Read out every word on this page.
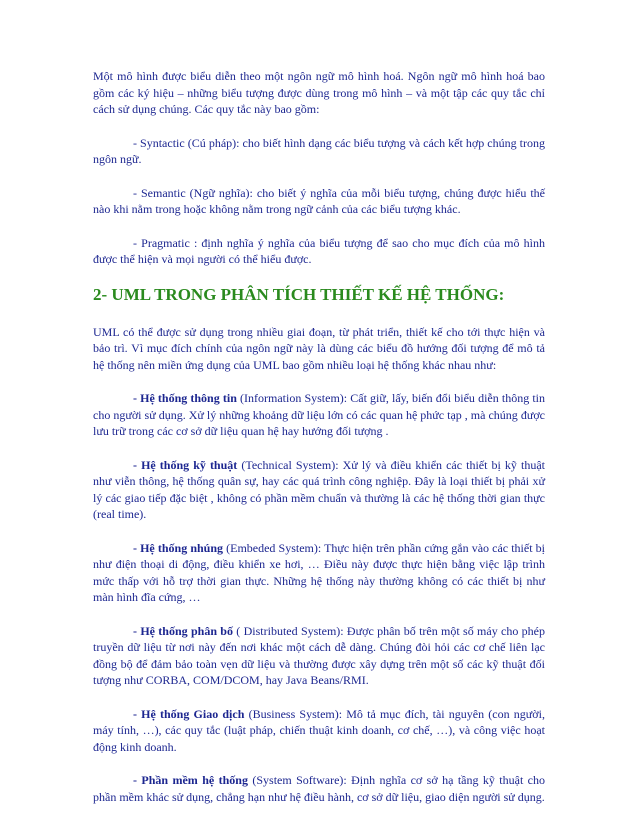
Một mô hình được biểu diễn theo một ngôn ngữ mô hình hoá. Ngôn ngữ mô hình hoá bao gồm các ký hiệu – những biểu tượng được dùng trong mô hình – và một tập các quy tắc chỉ cách sử dụng chúng. Các quy tắc này bao gồm:

- Syntactic (Cú pháp): cho biết hình dạng các biểu tượng và cách kết hợp chúng trong ngôn ngữ.

- Semantic (Ngữ nghĩa): cho biết ý nghĩa của mỗi biểu tượng, chúng được hiểu thế nào khi nằm trong hoặc không nằm trong ngữ cảnh của các biểu tượng khác.

- Pragmatic : định nghĩa ý nghĩa của biểu tượng để sao cho mục đích của mô hình được thể hiện và mọi người có thể hiểu được.

2- UML TRONG PHÂN TÍCH THIẾT KẾ HỆ THỐNG:

UML có thể được sử dụng trong nhiều giai đoạn, từ phát triển, thiết kế cho tới thực hiện và bảo trì. Vì mục đích chính của ngôn ngữ này là dùng các biểu đồ hướng đối tượng để mô tả hệ thống nên miền ứng dụng của UML bao gồm nhiều loại hệ thống khác nhau như:

- Hệ thống thông tin (Information System): Cất giữ, lấy, biến đổi biểu diễn thông tin cho người sử dụng. Xử lý những khoảng dữ liệu lớn có các quan hệ phức tạp , mà chúng được lưu trữ trong các cơ sở dữ liệu quan hệ hay hướng đối tượng .

- Hệ thống kỹ thuật (Technical System): Xử lý và điều khiển các thiết bị kỹ thuật như viễn thông, hệ thống quân sự, hay các quá trình công nghiệp. Đây là loại thiết bị phải xử lý các giao tiếp đặc biệt , không có phần mềm chuẩn và thường là các hệ thống thời gian thực (real time).

- Hệ thống nhúng (Embeded System): Thực hiện trên phần cứng gắn vào các thiết bị như điện thoại di động, điều khiển xe hơi, … Điều này được thực hiện bằng việc lập trình mức thấp với hỗ trợ thời gian thực. Những hệ thống này thường không có các thiết bị như màn hình đĩa cứng, …

- Hệ thống phân bố ( Distributed System): Được phân bố trên một số máy cho phép truyền dữ liệu từ nơi này đến nơi khác một cách dễ dàng. Chúng đòi hỏi các cơ chế liên lạc đồng bộ để đảm bảo toàn vẹn dữ liệu và thường được xây dựng trên một số các kỹ thuật đối tượng như CORBA, COM/DCOM, hay Java Beans/RMI.

- Hệ thống Giao dịch (Business System): Mô tả mục đích, tài nguyên (con người, máy tính, …), các quy tắc (luật pháp, chiến thuật kinh doanh, cơ chế, …), và công việc hoạt động kinh doanh.

- Phần mềm hệ thống (System Software): Định nghĩa cơ sở hạ tầng kỹ thuật cho phần mềm khác sử dụng, chẳng hạn như hệ điều hành, cơ sở dữ liệu, giao diện người sử dụng.
